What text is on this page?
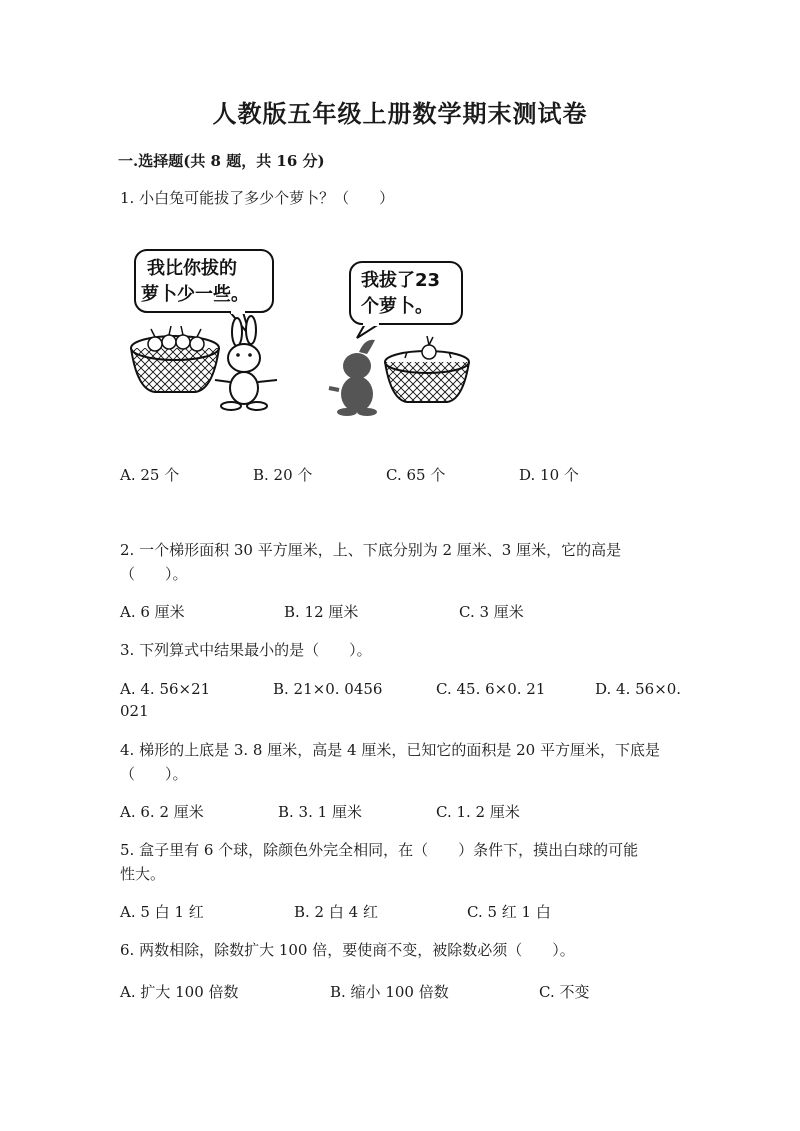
人教版五年级上册数学期末测试卷
一.选择题(共 8 题，共 16 分)
1. 小白兔可能拔了多少个萝卜？（　　）
我比你拔的
萝卜少一些。
我拔了23
个萝卜。
A. 25 个	B. 20 个	C. 65 个	D. 10 个
2. 一个梯形面积 30 平方厘米，上、下底分别为 2 厘米、3 厘米，它的高是
（　　）。
A. 6 厘米	B. 12 厘米	C. 3 厘米
3. 下列算式中结果最小的是（　　）。
A. 4. 56×21	B. 21×0. 0456	C. 45. 6×0. 21	D. 4. 56×0.
021
4. 梯形的上底是 3. 8 厘米，高是 4 厘米，已知它的面积是 20 平方厘米，下底是
（　　）。
A. 6. 2 厘米	B. 3. 1 厘米	C. 1. 2 厘米
5. 盒子里有 6 个球，除颜色外完全相同，在（　　）条件下，摸出白球的可能
性大。
A. 5 白 1 红	B. 2 白 4 红	C. 5 红 1 白
6. 两数相除，除数扩大 100 倍，要使商不变，被除数必须（　　）。
A. 扩大 100 倍数	B. 缩小 100 倍数	C. 不变
